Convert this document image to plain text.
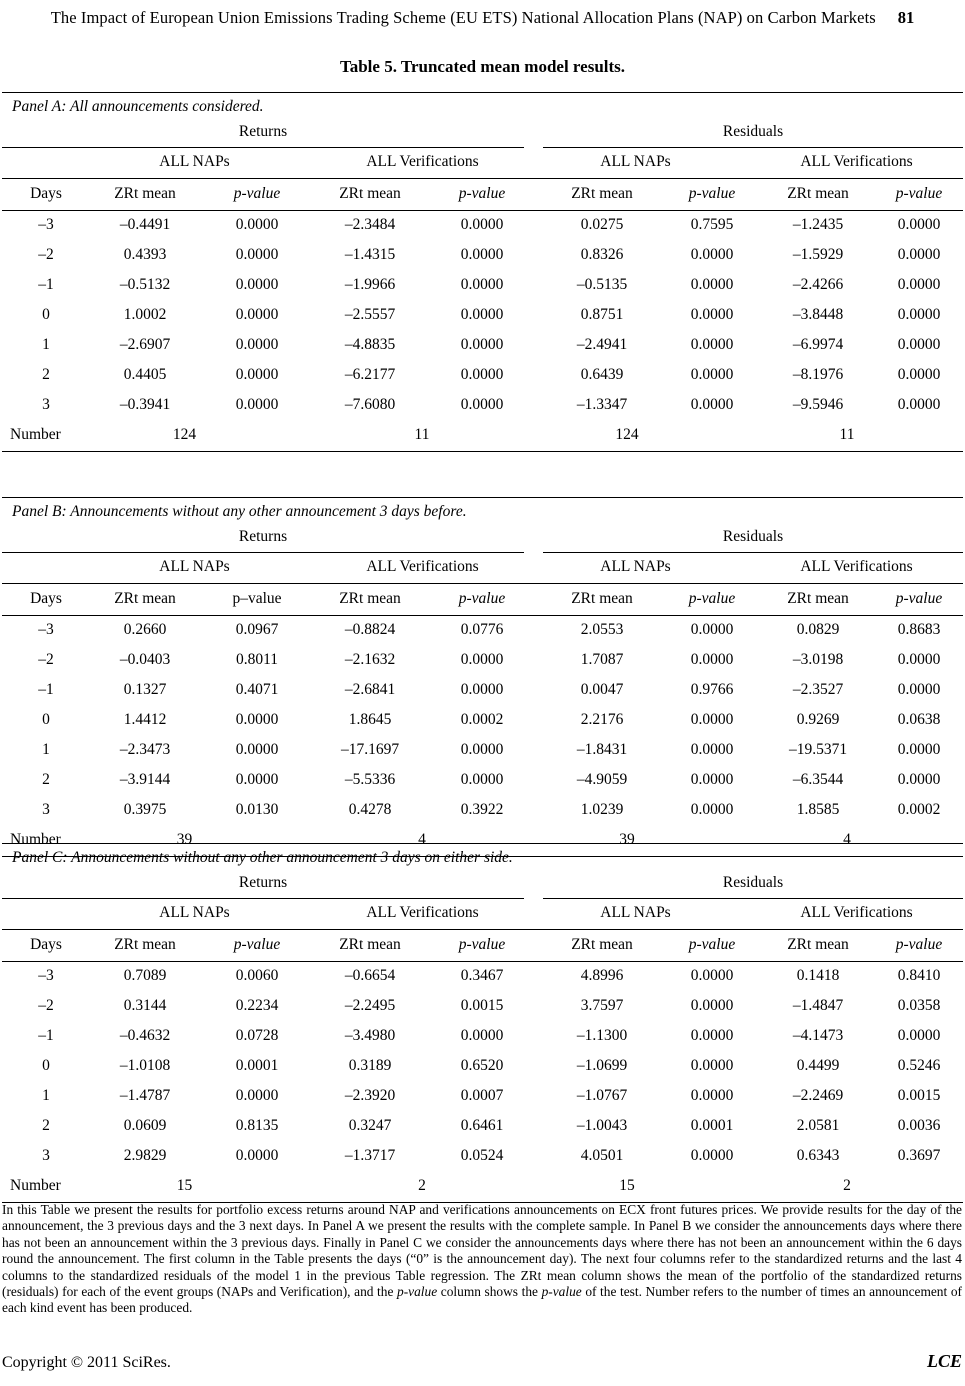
The Impact of European Union Emissions Trading Scheme (EU ETS) National Allocation Plans (NAP) on Carbon Markets 81
Table 5. Truncated mean model results.
Panel A: All announcements considered.
Returns	Residuals
ALL NAPs	ALL Verifications	ALL NAPs	ALL Verifications
Days	ZRt mean	p-value	ZRt mean	p-value	ZRt mean	p-value	ZRt mean	p-value
–3	–0.4491	0.0000	–2.3484	0.0000	0.0275	0.7595	–1.2435	0.0000
–2	0.4393	0.0000	–1.4315	0.0000	0.8326	0.0000	–1.5929	0.0000
–1	–0.5132	0.0000	–1.9966	0.0000	–0.5135	0.0000	–2.4266	0.0000
0	1.0002	0.0000	–2.5557	0.0000	0.8751	0.0000	–3.8448	0.0000
1	–2.6907	0.0000	–4.8835	0.0000	–2.4941	0.0000	–6.9974	0.0000
2	0.4405	0.0000	–6.2177	0.0000	0.6439	0.0000	–8.1976	0.0000
3	–0.3941	0.0000	–7.6080	0.0000	–1.3347	0.0000	–9.5946	0.0000
Number	124	11	124	11
Panel B: Announcements without any other announcement 3 days before.
Returns	Residuals
ALL NAPs	ALL Verifications	ALL NAPs	ALL Verifications
Days	ZRt mean	p–value	ZRt mean	p-value	ZRt mean	p-value	ZRt mean	p-value
–3	0.2660	0.0967	–0.8824	0.0776	2.0553	0.0000	0.0829	0.8683
–2	–0.0403	0.8011	–2.1632	0.0000	1.7087	0.0000	–3.0198	0.0000
–1	0.1327	0.4071	–2.6841	0.0000	0.0047	0.9766	–2.3527	0.0000
0	1.4412	0.0000	1.8645	0.0002	2.2176	0.0000	0.9269	0.0638
1	–2.3473	0.0000	–17.1697	0.0000	–1.8431	0.0000	–19.5371	0.0000
2	–3.9144	0.0000	–5.5336	0.0000	–4.9059	0.0000	–6.3544	0.0000
3	0.3975	0.0130	0.4278	0.3922	1.0239	0.0000	1.8585	0.0002
Number	39	4	39	4
Panel C: Announcements without any other announcement 3 days on either side.
Returns	Residuals
ALL NAPs	ALL Verifications	ALL NAPs	ALL Verifications
Days	ZRt mean	p-value	ZRt mean	p-value	ZRt mean	p-value	ZRt mean	p-value
–3	0.7089	0.0060	–0.6654	0.3467	4.8996	0.0000	0.1418	0.8410
–2	0.3144	0.2234	–2.2495	0.0015	3.7597	0.0000	–1.4847	0.0358
–1	–0.4632	0.0728	–3.4980	0.0000	–1.1300	0.0000	–4.1473	0.0000
0	–1.0108	0.0001	0.3189	0.6520	–1.0699	0.0000	0.4499	0.5246
1	–1.4787	0.0000	–2.3920	0.0007	–1.0767	0.0000	–2.2469	0.0015
2	0.0609	0.8135	0.3247	0.6461	–1.0043	0.0001	2.0581	0.0036
3	2.9829	0.0000	–1.3717	0.0524	4.0501	0.0000	0.6343	0.3697
Number	15	2	15	2
In this Table we present the results for portfolio excess returns around NAP and verifications announcements on ECX front futures prices. We provide results for the day of the announcement, the 3 previous days and the 3 next days. In Panel A we present the results with the complete sample. In Panel B we consider the announcements days where there has not been an announcement within the 3 previous days. Finally in Panel C we consider the announcements days where there has not been an announcement within the 6 days round the announcement. The first column in the Table presents the days (“0” is the announcement day). The next four columns refer to the standardized returns and the last 4 columns to the standardized residuals of the model 1 in the previous Table regression. The ZRt mean column shows the mean of the portfolio of the standardized returns (residuals) for each of the event groups (NAPs and Verification), and the p-value column shows the p-value of the test. Number refers to the number of times an announcement of each kind event has been produced.
Copyright © 2011 SciRes.	LCE
